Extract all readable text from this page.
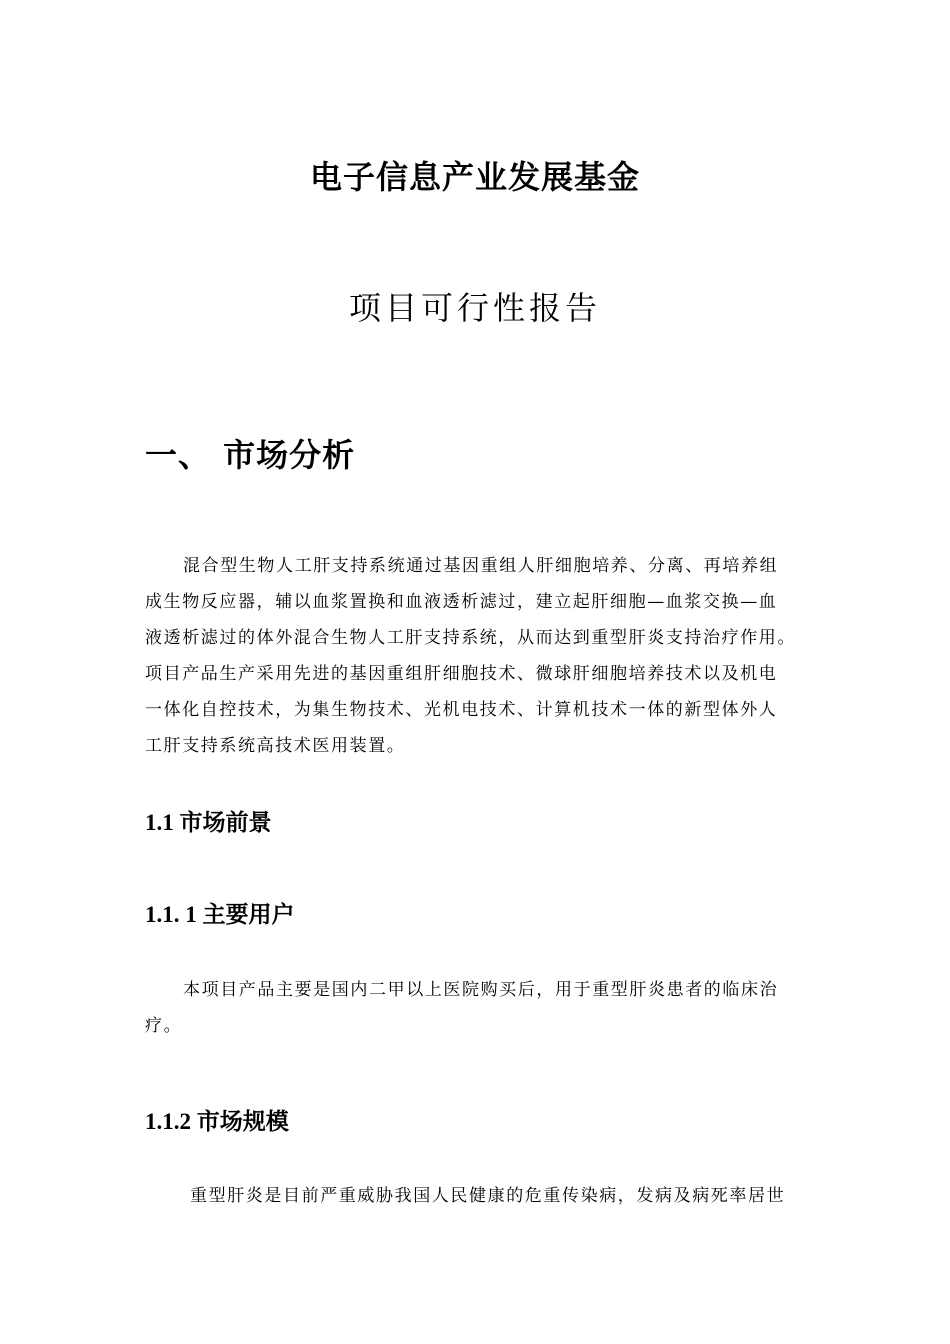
电子信息产业发展基金
项目可行性报告
一、 市场分析
混合型生物人工肝支持系统通过基因重组人肝细胞培养、分离、再培养组
成生物反应器，辅以血浆置换和血液透析滤过，建立起肝细胞—血浆交换—血
液透析滤过的体外混合生物人工肝支持系统，从而达到重型肝炎支持治疗作用。
项目产品生产采用先进的基因重组肝细胞技术、微球肝细胞培养技术以及机电
一体化自控技术，为集生物技术、光机电技术、计算机技术一体的新型体外人
工肝支持系统高技术医用装置。
1.1 市场前景
1.1. 1 主要用户
本项目产品主要是国内二甲以上医院购买后，用于重型肝炎患者的临床治
疗。
1.1.2 市场规模
重型肝炎是目前严重威胁我国人民健康的危重传染病，发病及病死率居世
